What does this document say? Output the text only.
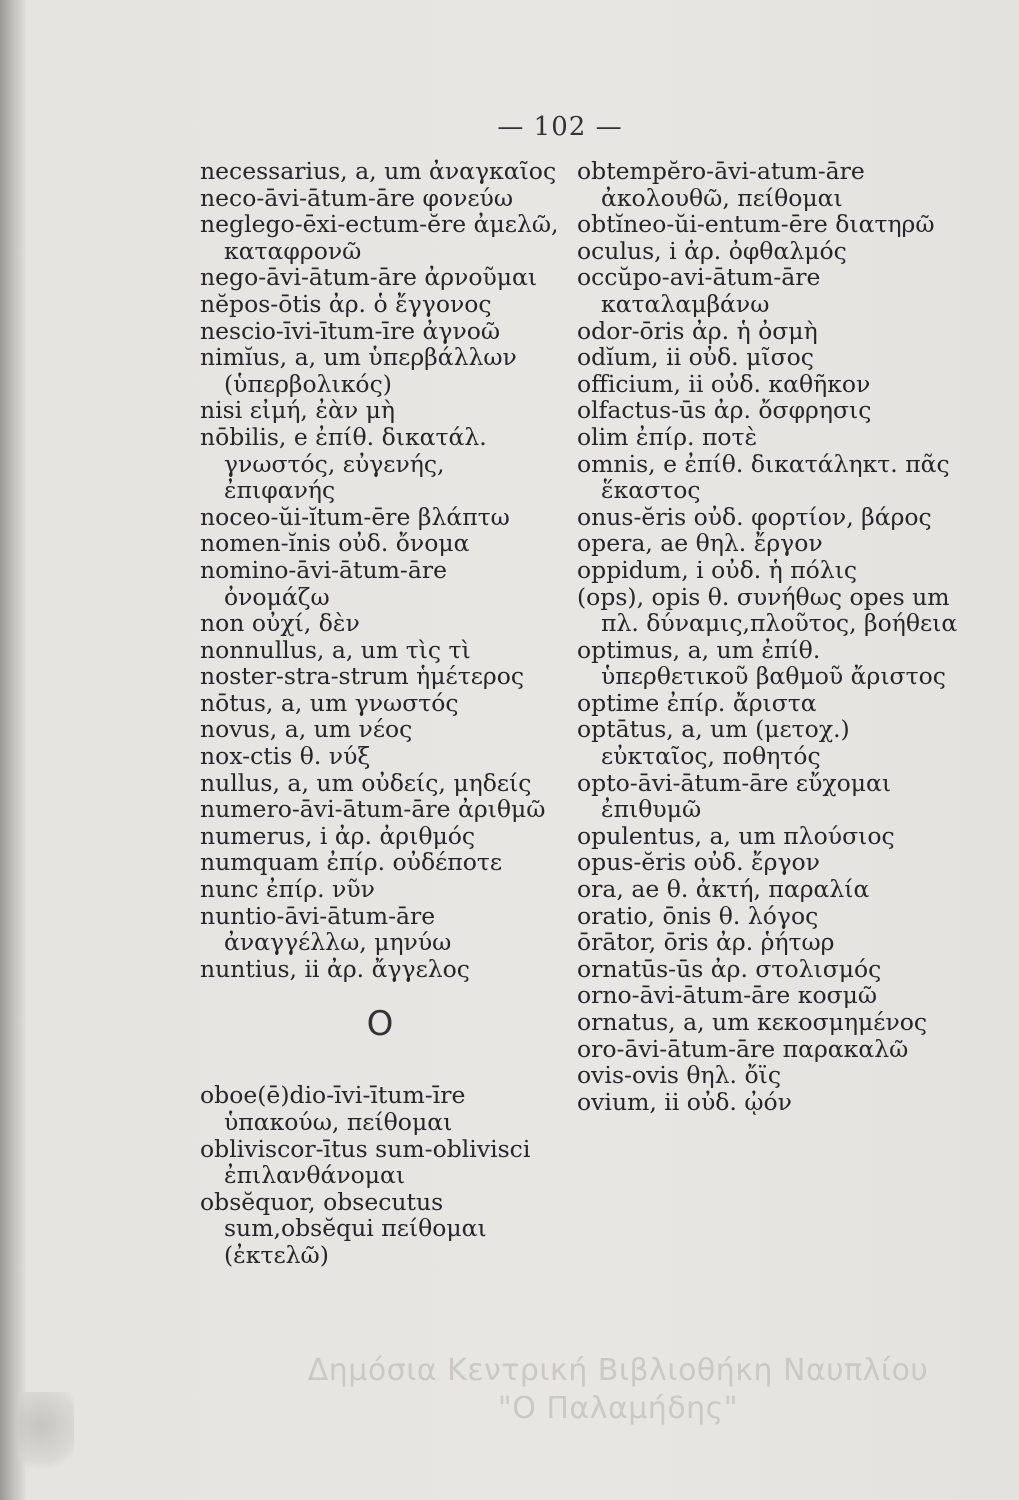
— 102 —

necessarius, a, um ἀναγκαῖος

neco-āvi-ātum-āre φονεύω

neglego-ēxi-ectum-ĕre ἀμελῶ, καταφρονῶ

nego-āvi-ātum-āre ἀρνοῦμαι

nĕpos-ōtis ἀρ. ὁ ἔγγονος

nescio-īvi-ītum-īre ἀγνοῶ

nimĭus, a, um ὑπερβάλλων (ὑπερβολικός)

nisi εἰμή, ἐὰν μὴ

nōbilis, e ἐπίθ. δικατάλ. γνωστός, εὐγενής, ἐπιφανής

noceo-ŭi-ĭtum-ēre βλάπτω

nomen-ĭnis οὐδ. ὄνομα

nomino-āvi-ātum-āre ὀνομάζω

non οὐχί, δὲν

nonnullus, a, um τὶς τὶ

noster-stra-strum ἡμέτερος

nōtus, a, um γνωστός

novus, a, um νέος

nox-ctis θ. νύξ

nullus, a, um οὐδείς, μηδείς

numero-āvi-ātum-āre ἀριθμῶ

numerus, i ἀρ. ἀριθμός

numquam ἐπίρ. οὐδέποτε

nunc ἐπίρ. νῦν

nuntio-āvi-ātum-āre ἀναγγέλλω, μηνύω

nuntius, ii ἀρ. ἄγγελος

O

oboe(ē)dio-īvi-ītum-īre ὑπακούω, πείθομαι

obliviscor-ītus sum-oblivisci ἐπιλανθάνομαι

obsĕquor, obsecutus sum,obsĕqui πείθομαι (ἐκτελῶ)

obtempĕro-āvi-atum-āre ἀκολουθῶ, πείθομαι

obtĭneo-ŭi-entum-ēre διατηρῶ

oculus, i ἀρ. ὀφθαλμός

occŭpo-avi-ātum-āre καταλαμβάνω

odor-ōris ἀρ. ἡ ὀσμὴ

odĭum, ii οὐδ. μῖσος

officium, ii οὐδ. καθῆκον

olfactus-ūs ἀρ. ὄσφρησις

olim ἐπίρ. ποτὲ

omnis, e ἐπίθ. δικατάληκτ. πᾶς ἕκαστος

onus-ĕris οὐδ. φορτίον, βάρος

opera, ae θηλ. ἔργον

oppidum, i οὐδ. ἡ πόλις

(ops), opis θ. συνήθως opes um πλ. δύναμις,πλοῦτος, βοήθεια

optimus, a, um ἐπίθ. ὑπερθετικοῦ βαθμοῦ ἄριστος

optime ἐπίρ. ἄριστα

optātus, a, um (μετοχ.) εὐκταῖος, ποθητός

opto-āvi-ātum-āre εὔχομαι ἐπιθυμῶ

opulentus, a, um πλούσιος

opus-ĕris οὐδ. ἔργον

ora, ae θ. ἀκτή, παραλία

oratio, ōnis θ. λόγος

ōrātor, ōris ἀρ. ῥήτωρ

ornatūs-ūs ἀρ. στολισμός

orno-āvi-ātum-āre κοσμῶ

ornatus, a, um κεκοσμημένος

oro-āvi-ātum-āre παρακαλῶ

ovis-ovis θηλ. ὄϊς

ovium, ii οὐδ. ᾠόν

Δημόσια Κεντρική Βιβλιοθήκη Ναυπλίου
"Ο Παλαμήδης"
